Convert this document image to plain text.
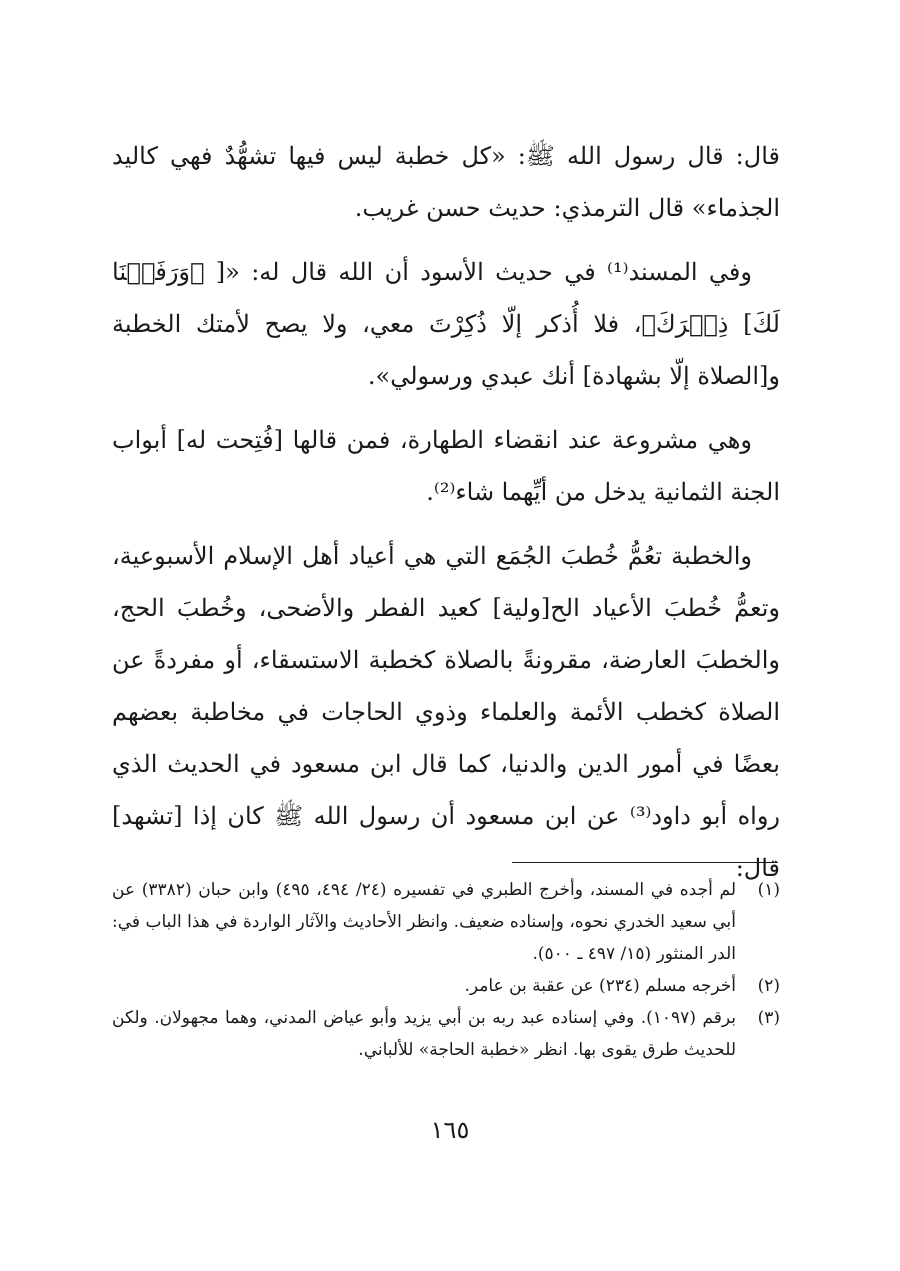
قال: قال رسول الله ﷺ: «كل خطبة ليس فيها تشهُّدٌ فهي كاليد الجذماء» قال الترمذي: حديث حسن غريب.

وفي المسند⁽¹⁾ في حديث الأسود أن الله قال له: «[ ﴿وَرَفَعۡنَا لَكَ] ذِكۡرَكَ﴾، فلا أُذكر إلّا ذُكِرْتَ معي، ولا يصح لأمتك الخطبة و[الصلاة إلّا بشهادة] أنك عبدي ورسولي».

وهي مشروعة عند انقضاء الطهارة، فمن قالها [فُتِحت له] أبواب الجنة الثمانية يدخل من أيِّهما شاء⁽²⁾.

والخطبة تعُمُّ خُطبَ الجُمَع التي هي أعياد أهل الإسلام الأسبوعية، وتعمُّ خُطبَ الأعياد الح[ولية] كعيد الفطر والأضحى، وخُطبَ الحج، والخطبَ العارضة، مقرونةً بالصلاة كخطبة الاستسقاء، أو مفردةً عن الصلاة كخطب الأئمة والعلماء وذوي الحاجات في مخاطبة بعضهم بعضًا في أمور الدين والدنيا، كما قال ابن مسعود في الحديث الذي رواه أبو داود⁽³⁾ عن ابن مسعود أن رسول الله ﷺ كان إذا [تشهد] قال:

(١)
لم أجده في المسند، وأخرج الطبري في تفسيره (٢٤/ ٤٩٤، ٤٩٥) وابن حبان (٣٣٨٢) عن أبي سعيد الخدري نحوه، وإسناده ضعيف. وانظر الأحاديث والآثار الواردة في هذا الباب في: الدر المنثور (١٥/ ٤٩٧ ـ ٥٠٠).
(٢)
أخرجه مسلم (٢٣٤) عن عقبة بن عامر.
(٣)
برقم (١٠٩٧). وفي إسناده عبد ربه بن أبي يزيد وأبو عياض المدني، وهما مجهولان. ولكن للحديث طرق يقوى بها. انظر «خطبة الحاجة» للألباني.
١٦٥
